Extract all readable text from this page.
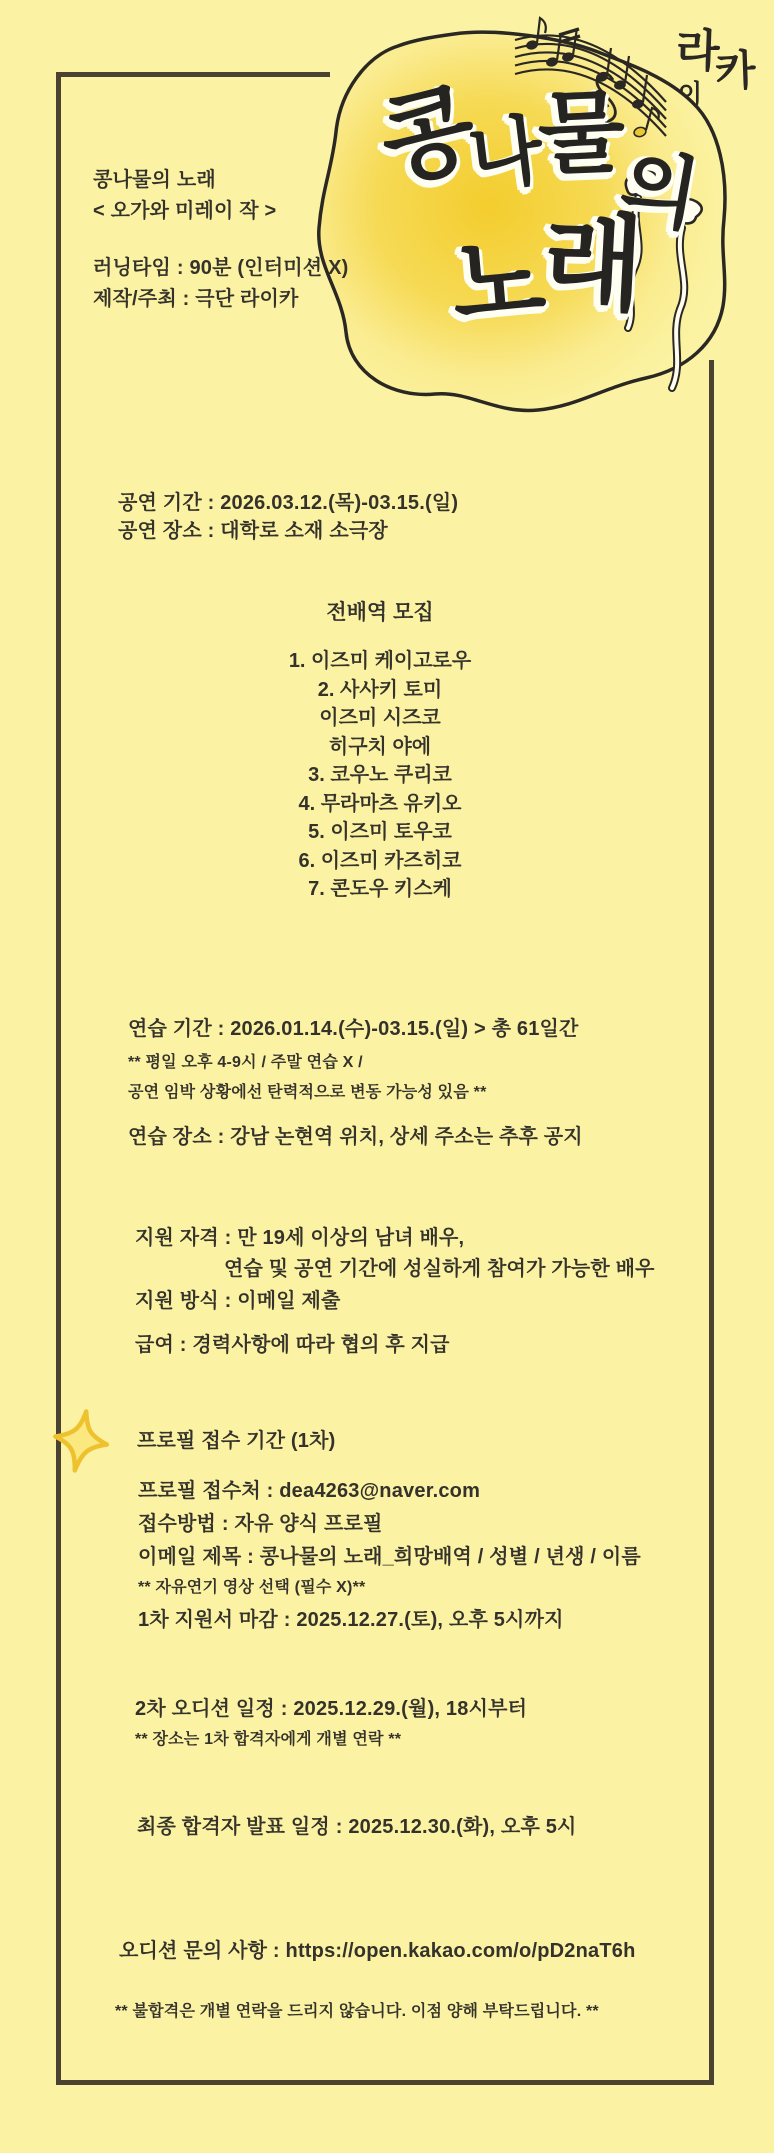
콩나물의
노래
라
카
이
콩나물의 노래
< 오가와 미레이 작 >
러닝타임 : 90분 (인터미션 X)
제작/주최 : 극단 라이카
공연 기간 : 2026.03.12.(목)-03.15.(일)
공연 장소 : 대학로 소재 소극장
전배역 모집
1. 이즈미 케이고로우
2. 사사키 토미
이즈미 시즈코
히구치 야에
3. 코우노 쿠리코
4. 무라마츠 유키오
5. 이즈미 토우코
6. 이즈미 카즈히코
7. 콘도우 키스케
연습 기간 : 2026.01.14.(수)-03.15.(일) > 총 61일간
** 평일 오후 4-9시 / 주말 연습 X /
공연 임박 상황에선 탄력적으로 변동 가능성 있음 **
연습 장소 : 강남 논현역 위치, 상세 주소는 추후 공지
지원 자격 : 만 19세 이상의 남녀 배우,
연습 및 공연 기간에 성실하게 참여가 가능한 배우
지원 방식 : 이메일 제출
급여 : 경력사항에 따라 협의 후 지급
프로필 접수 기간 (1차)
프로필 접수처 : dea4263@naver.com
접수방법 : 자유 양식 프로필
이메일 제목 : 콩나물의 노래_희망배역 / 성별 / 년생 / 이름
** 자유연기 영상 선택 (필수 X)**
1차 지원서 마감 : 2025.12.27.(토), 오후 5시까지
2차 오디션 일정 : 2025.12.29.(월), 18시부터
** 장소는 1차 합격자에게 개별 연락 **
최종 합격자 발표 일정 : 2025.12.30.(화), 오후 5시
오디션 문의 사항 : https://open.kakao.com/o/pD2naT6h
** 불합격은 개별 연락을 드리지 않습니다. 이점 양해 부탁드립니다. **
